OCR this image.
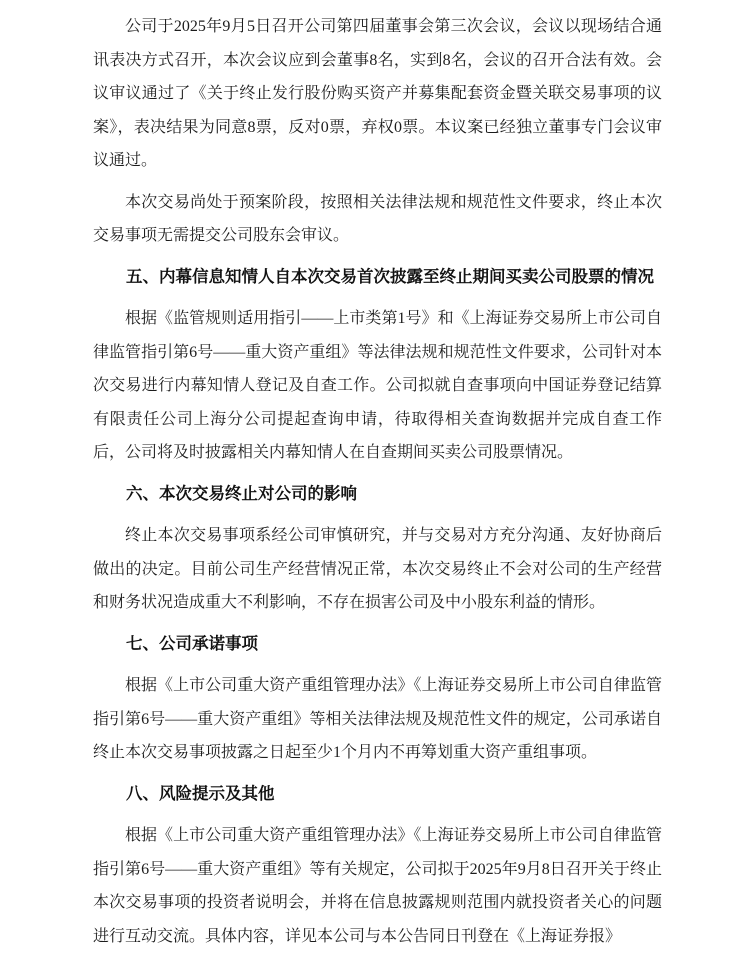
公司于2025年9月5日召开公司第四届董事会第三次会议，会议以现场结合通讯表决方式召开，本次会议应到会董事8名，实到8名，会议的召开合法有效。会议审议通过了《关于终止发行股份购买资产并募集配套资金暨关联交易事项的议案》，表决结果为同意8票，反对0票，弃权0票。本议案已经独立董事专门会议审议通过。

本次交易尚处于预案阶段，按照相关法律法规和规范性文件要求，终止本次交易事项无需提交公司股东会审议。

五、内幕信息知情人自本次交易首次披露至终止期间买卖公司股票的情况

根据《监管规则适用指引——上市类第1号》和《上海证券交易所上市公司自律监管指引第6号——重大资产重组》等法律法规和规范性文件要求，公司针对本次交易进行内幕知情人登记及自查工作。公司拟就自查事项向中国证券登记结算有限责任公司上海分公司提起查询申请，待取得相关查询数据并完成自查工作后，公司将及时披露相关内幕知情人在自查期间买卖公司股票情况。

六、本次交易终止对公司的影响

终止本次交易事项系经公司审慎研究，并与交易对方充分沟通、友好协商后做出的决定。目前公司生产经营情况正常，本次交易终止不会对公司的生产经营和财务状况造成重大不利影响，不存在损害公司及中小股东利益的情形。

七、公司承诺事项

根据《上市公司重大资产重组管理办法》《上海证券交易所上市公司自律监管指引第6号——重大资产重组》等相关法律法规及规范性文件的规定，公司承诺自终止本次交易事项披露之日起至少1个月内不再筹划重大资产重组事项。

八、风险提示及其他

根据《上市公司重大资产重组管理办法》《上海证券交易所上市公司自律监管指引第6号——重大资产重组》等有关规定，公司拟于2025年9月8日召开关于终止本次交易事项的投资者说明会，并将在信息披露规则范围内就投资者关心的问题进行互动交流。具体内容，详见本公司与本公告同日刊登在《上海证券报》
